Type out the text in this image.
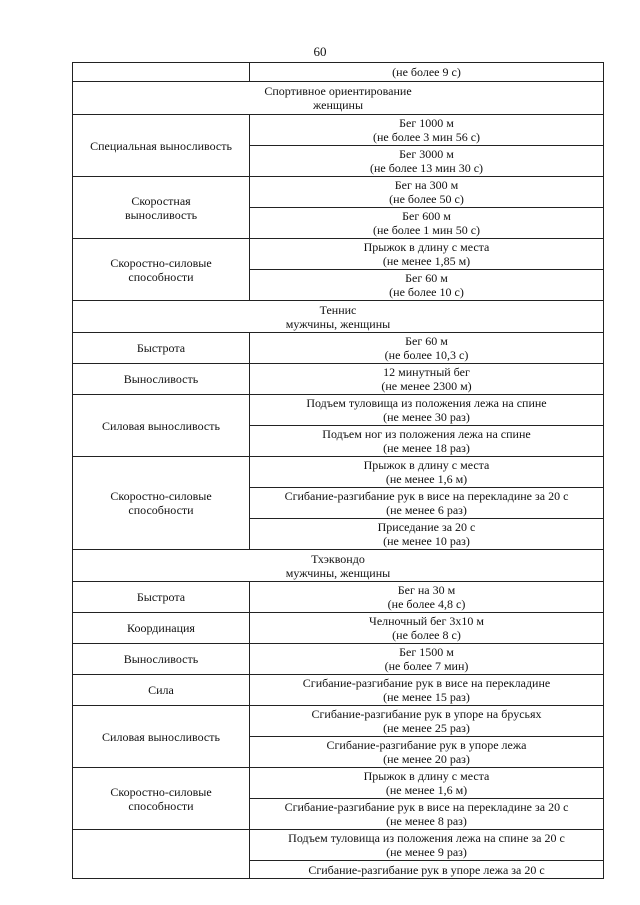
60

	(не более 9 с)

Спортивное ориентирование
женщины	

Специальная выносливость	Бег 1000 м
(не более 3 мин 56 с)

	Бег 3000 м
(не более 13 мин 30 с)

Скоростная
выносливость	Бег на 300 м
(не более 50 с)

	Бег 600 м
(не более 1 мин 50 с)

Скоростно-силовые
способности	Прыжок в длину с места
(не менее 1,85 м)

	Бег 60 м
(не более 10 с)

Теннис
мужчины, женщины	

Быстрота	Бег 60 м
(не более 10,3 с)

Выносливость	12 минутный бег
(не менее 2300 м)

Силовая выносливость	Подъем туловища из положения лежа на спине
(не менее 30 раз)

	Подъем ног из положения лежа на спине
(не менее 18 раз)

Скоростно-силовые
способности	Прыжок в длину с места
(не менее 1,6 м)

	Сгибание-разгибание рук в висе на перекладине за 20 с
(не менее 6 раз)

	Приседание за 20 с
(не менее 10 раз)

Тхэквондо
мужчины, женщины	

Быстрота	Бег на 30 м
(не более 4,8 с)

Координация	Челночный бег 3х10 м
(не более 8 с)

Выносливость	Бег 1500 м
(не более 7 мин)

Сила	Сгибание-разгибание рук в висе на перекладине
(не менее 15 раз)

Силовая выносливость	Сгибание-разгибание рук в упоре на брусьях
(не менее 25 раз)

	Сгибание-разгибание рук в упоре лежа
(не менее 20 раз)

Скоростно-силовые
способности	Прыжок в длину с места
(не менее 1,6 м)

	Сгибание-разгибание рук в висе на перекладине за 20 с
(не менее 8 раз)

	Подъем туловища из положения лежа на спине за 20 с
(не менее 9 раз)

	Сгибание-разгибание рук в упоре лежа за 20 с
